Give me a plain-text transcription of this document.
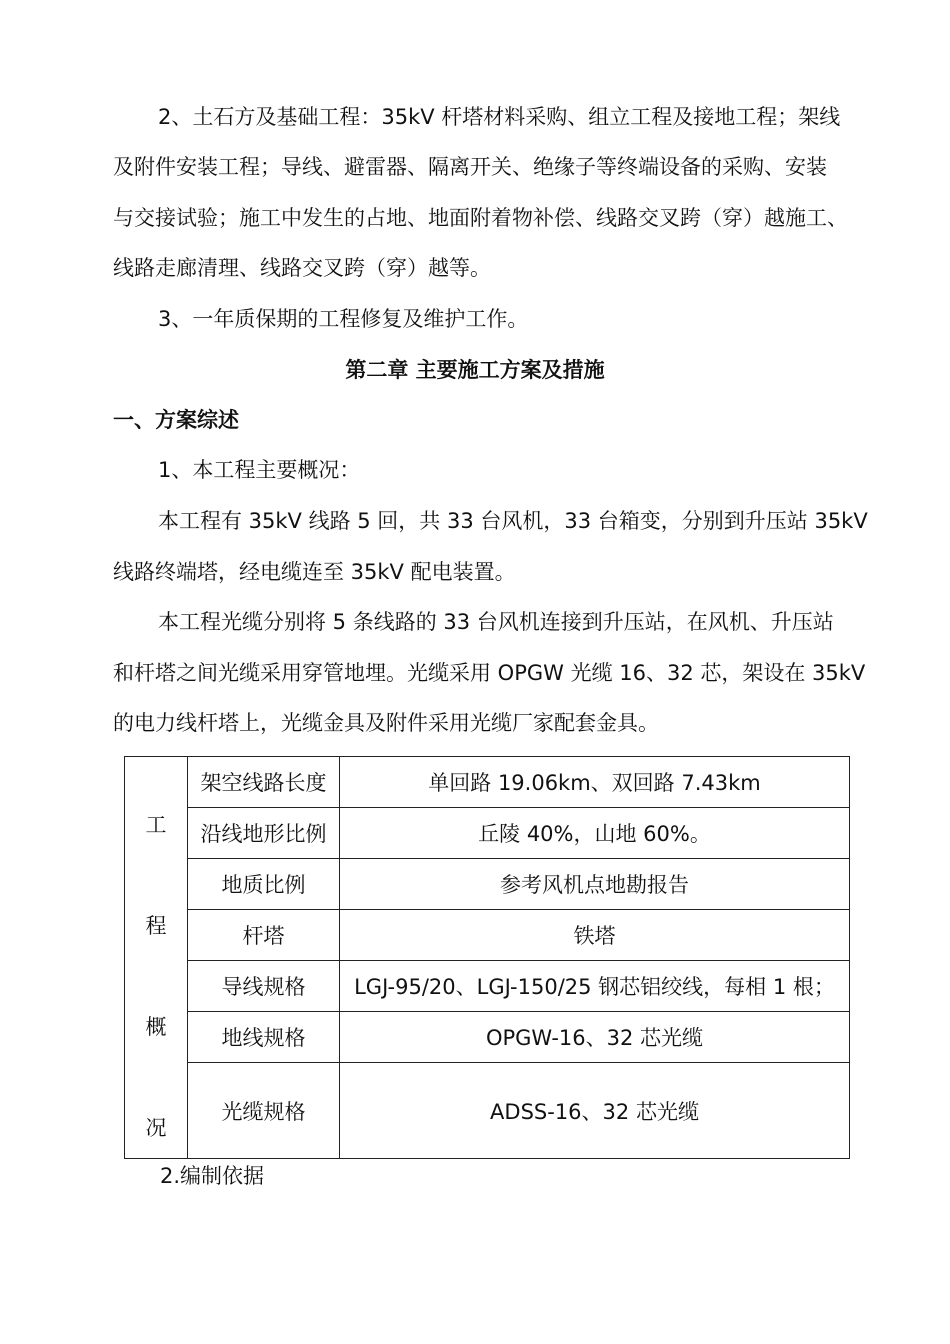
2、土石方及基础工程：35kV 杆塔材料采购、组立工程及接地工程；架线
及附件安装工程；导线、避雷器、隔离开关、绝缘子等终端设备的采购、安装
与交接试验；施工中发生的占地、地面附着物补偿、线路交叉跨（穿）越施工、
线路走廊清理、线路交叉跨（穿）越等。
3、一年质保期的工程修复及维护工作。
第二章 主要施工方案及措施
一、方案综述
1、本工程主要概况：
本工程有 35kV 线路 5 回，共 33 台风机，33 台箱变，分别到升压站 35kV
线路终端塔，经电缆连至 35kV 配电装置。
本工程光缆分别将 5 条线路的 33 台风机连接到升压站，在风机、升压站
和杆塔之间光缆采用穿管地埋。光缆采用 OPGW 光缆 16、32 芯，架设在 35kV
的电力线杆塔上，光缆金具及附件采用光缆厂家配套金具。
工
程
概
况	架空线路长度	单回路 19.06km、双回路 7.43km
	沿线地形比例	丘陵 40%，山地 60%。
	地质比例	参考风机点地勘报告
	杆塔	铁塔
	导线规格	LGJ-95/20、LGJ-150/25 钢芯铝绞线，每相 1 根；
	地线规格	OPGW-16、32 芯光缆
	光缆规格	ADSS-16、32 芯光缆
2.编制依据
